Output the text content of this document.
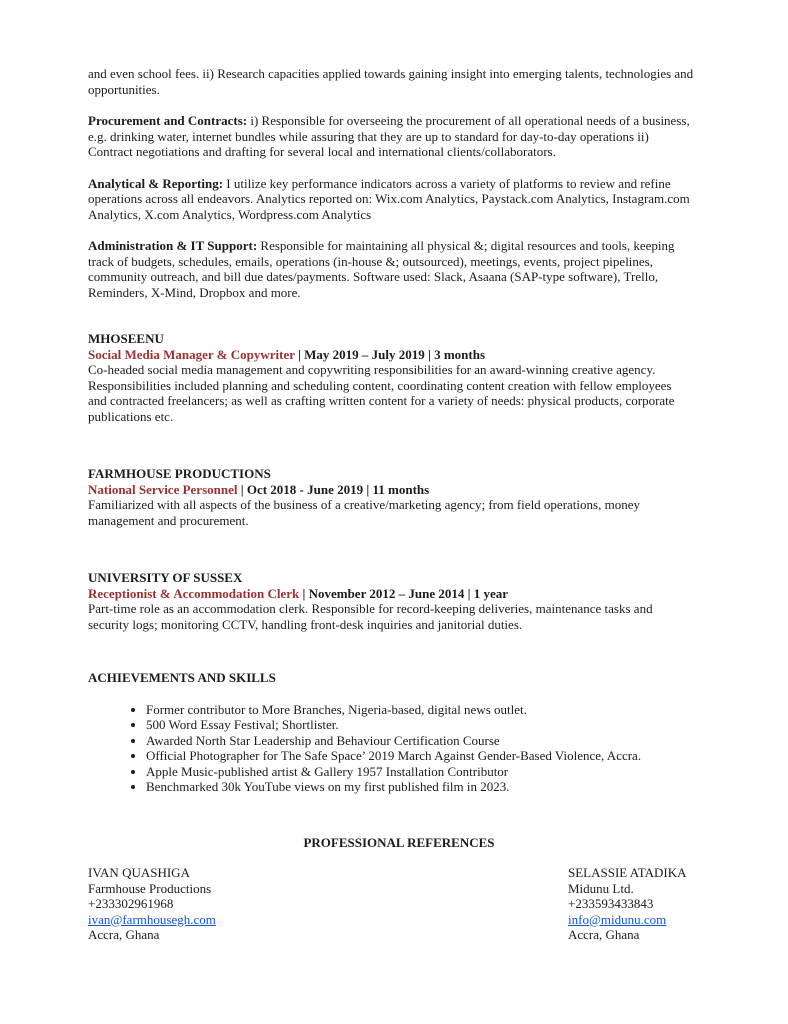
and even school fees. ii) Research capacities applied towards gaining insight into emerging talents, technologies and opportunities.

Procurement and Contracts: i) Responsible for overseeing the procurement of all operational needs of a business, e.g. drinking water, internet bundles while assuring that they are up to standard for day-to-day operations ii) Contract negotiations and drafting for several local and international clients/collaborators.

Analytical & Reporting: I utilize key performance indicators across a variety of platforms to review and refine operations across all endeavors. Analytics reported on: Wix.com Analytics, Paystack.com Analytics, Instagram.com Analytics, X.com Analytics, Wordpress.com Analytics

Administration & IT Support: Responsible for maintaining all physical &; digital resources and tools, keeping track of budgets, schedules, emails, operations (in-house &; outsourced), meetings, events, project pipelines, community outreach, and bill due dates/payments. Software used: Slack, Asaana (SAP-type software), Trello, Reminders, X-Mind, Dropbox and more.

MHOSEENU
Social Media Manager & Copywriter | May 2019 – July 2019 | 3 months
Co-headed social media management and copywriting responsibilities for an award-winning creative agency. Responsibilities included planning and scheduling content, coordinating content creation with fellow employees and contracted freelancers; as well as crafting written content for a variety of needs: physical products, corporate publications etc.
FARMHOUSE PRODUCTIONS
National Service Personnel | Oct 2018 - June 2019 | 11 months
Familiarized with all aspects of the business of a creative/marketing agency; from field operations, money management and procurement.
UNIVERSITY OF SUSSEX
Receptionist & Accommodation Clerk | November 2012 – June 2014 | 1 year
Part-time role as an accommodation clerk. Responsible for record-keeping deliveries, maintenance tasks and security logs; monitoring CCTV, handling front-desk inquiries and janitorial duties.
ACHIEVEMENTS AND SKILLS
• Former contributor to More Branches, Nigeria-based, digital news outlet.
• 500 Word Essay Festival; Shortlister.
• Awarded North Star Leadership and Behaviour Certification Course
• Official Photographer for The Safe Space’ 2019 March Against Gender-Based Violence, Accra.
• Apple Music-published artist & Gallery 1957 Installation Contributor
• Benchmarked 30k YouTube views on my first published film in 2023.
PROFESSIONAL REFERENCES
IVAN QUASHIGA
Farmhouse Productions
+233302961968
ivan@farmhousegh.com
Accra, Ghana
SELASSIE ATADIKA
Midunu Ltd.
+233593433843
info@midunu.com
Accra, Ghana
